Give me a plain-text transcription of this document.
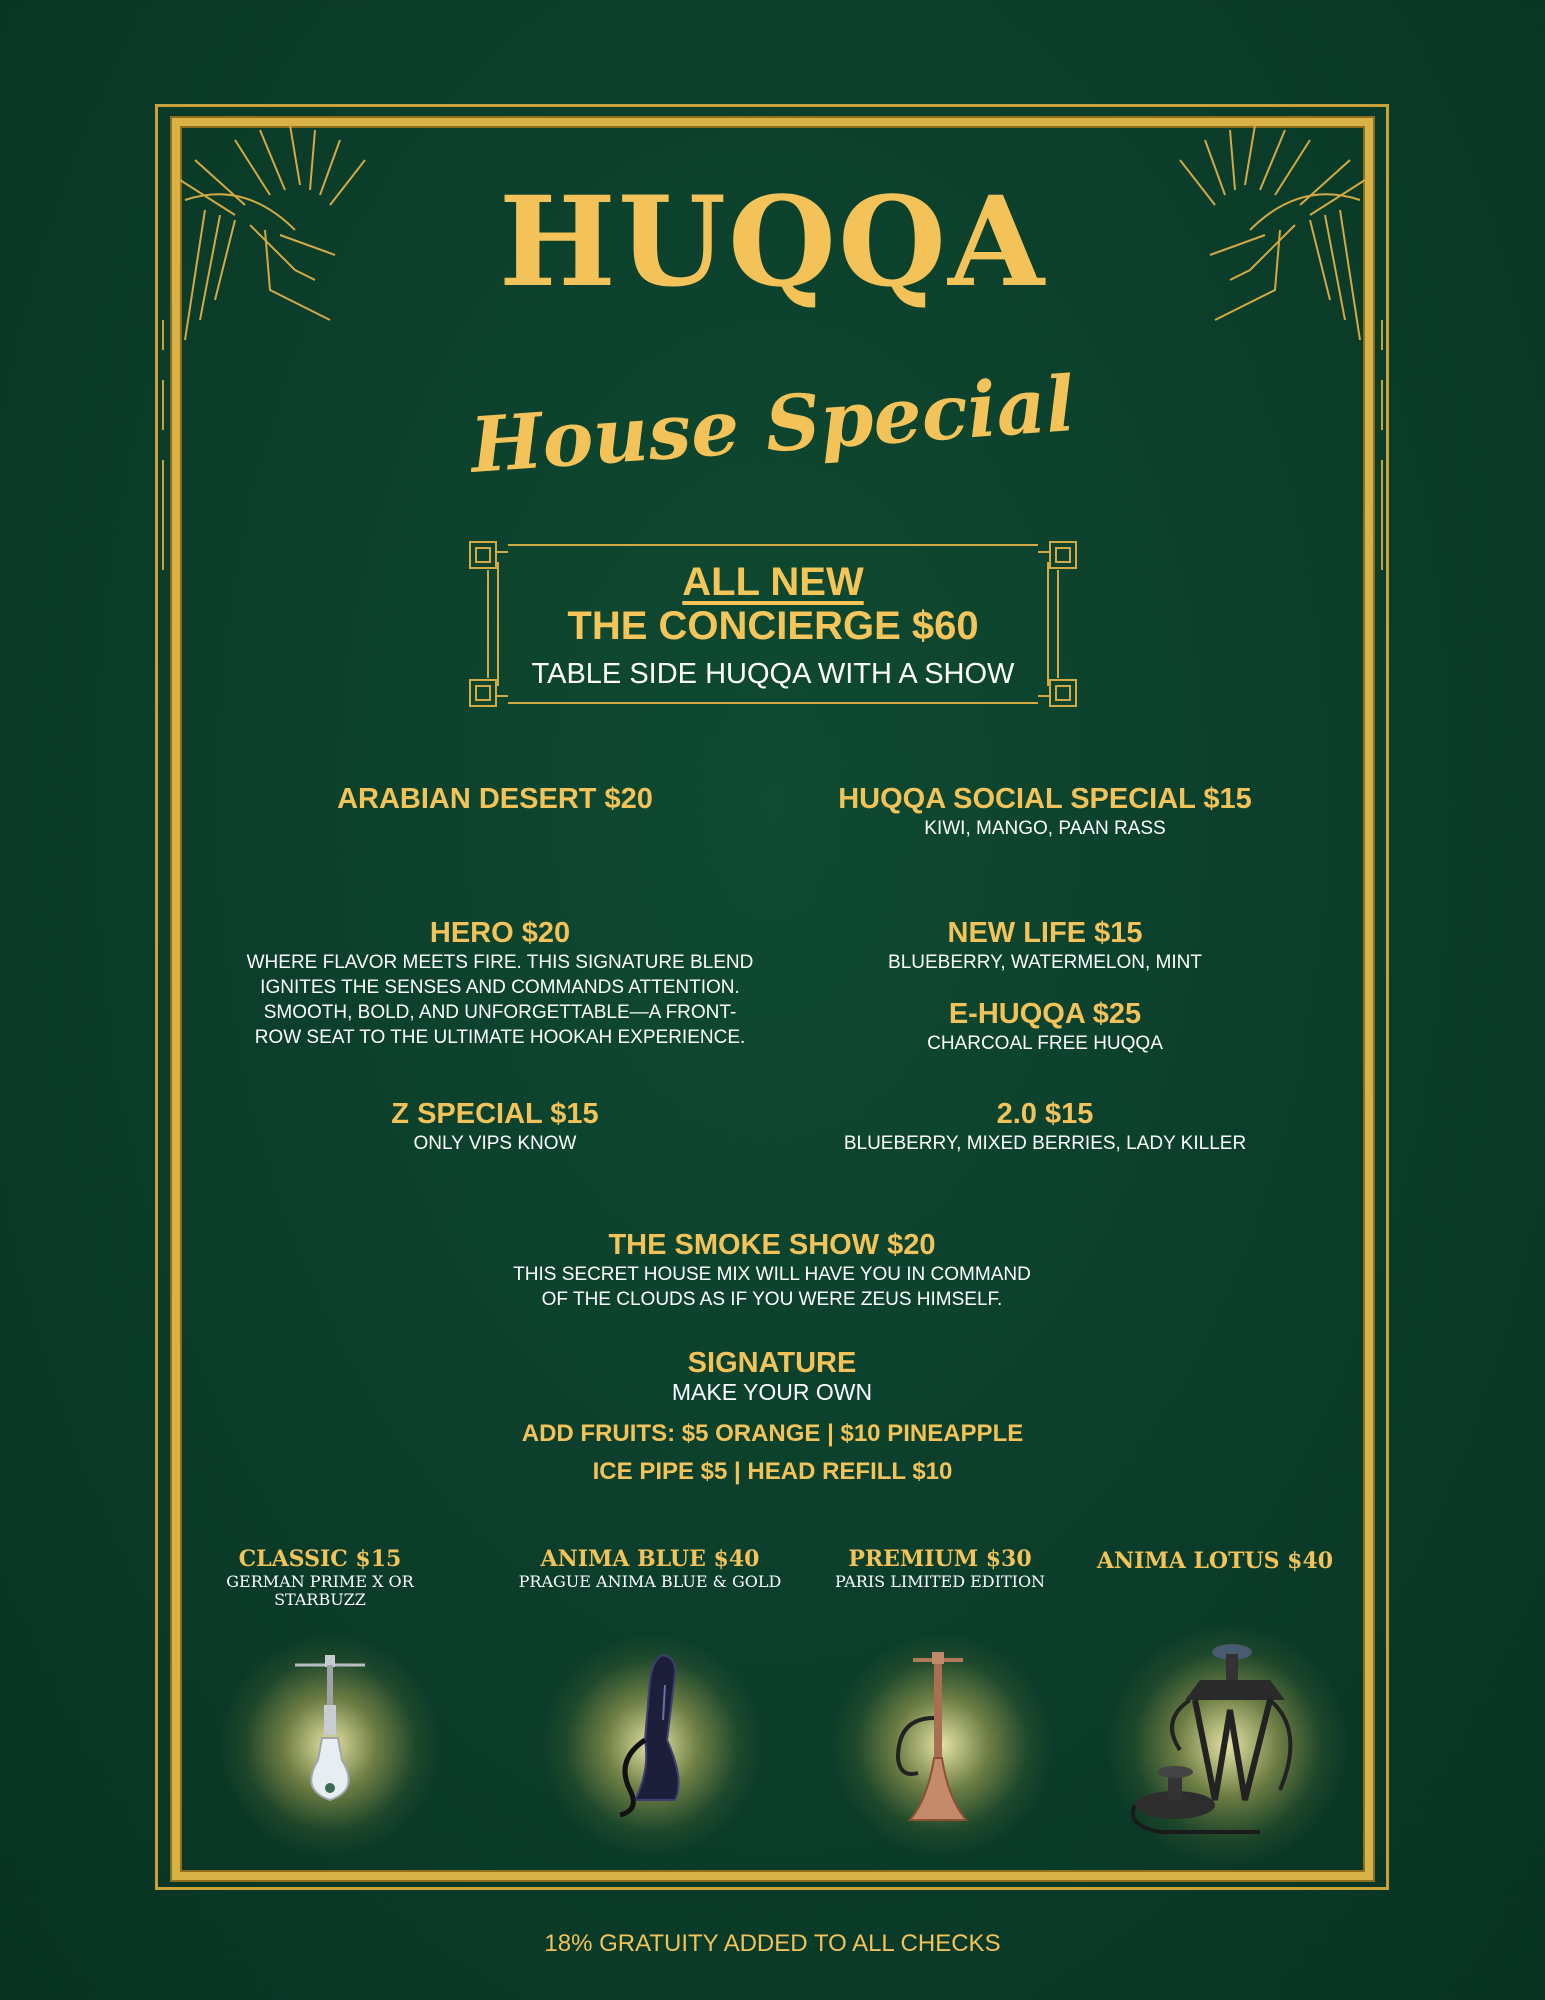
HUQQA
House Special
ALL NEW
THE CONCIERGE $60
TABLE SIDE HUQQA WITH A SHOW
ARABIAN DESERT $20	HUQQA SOCIAL SPECIAL $15
KIWI, MANGO, PAAN RASS
HERO $20
WHERE FLAVOR MEETS FIRE. THIS SIGNATURE BLEND
IGNITES THE SENSES AND COMMANDS ATTENTION.
SMOOTH, BOLD, AND UNFORGETTABLE—A FRONT-
ROW SEAT TO THE ULTIMATE HOOKAH EXPERIENCE.
NEW LIFE $15
BLUEBERRY, WATERMELON, MINT
E-HUQQA $25
CHARCOAL FREE HUQQA
Z SPECIAL $15
ONLY VIPS KNOW
2.0 $15
BLUEBERRY, MIXED BERRIES, LADY KILLER
THE SMOKE SHOW $20
THIS SECRET HOUSE MIX WILL HAVE YOU IN COMMAND
OF THE CLOUDS AS IF YOU WERE ZEUS HIMSELF.
SIGNATURE
MAKE YOUR OWN
ADD FRUITS: $5 ORANGE | $10 PINEAPPLE
ICE PIPE $5 | HEAD REFILL $10
CLASSIC $15
GERMAN PRIME X OR
STARBUZZ
ANIMA BLUE $40
PRAGUE ANIMA BLUE & GOLD
PREMIUM $30
PARIS LIMITED EDITION
ANIMA LOTUS $40
18% GRATUITY ADDED TO ALL CHECKS
